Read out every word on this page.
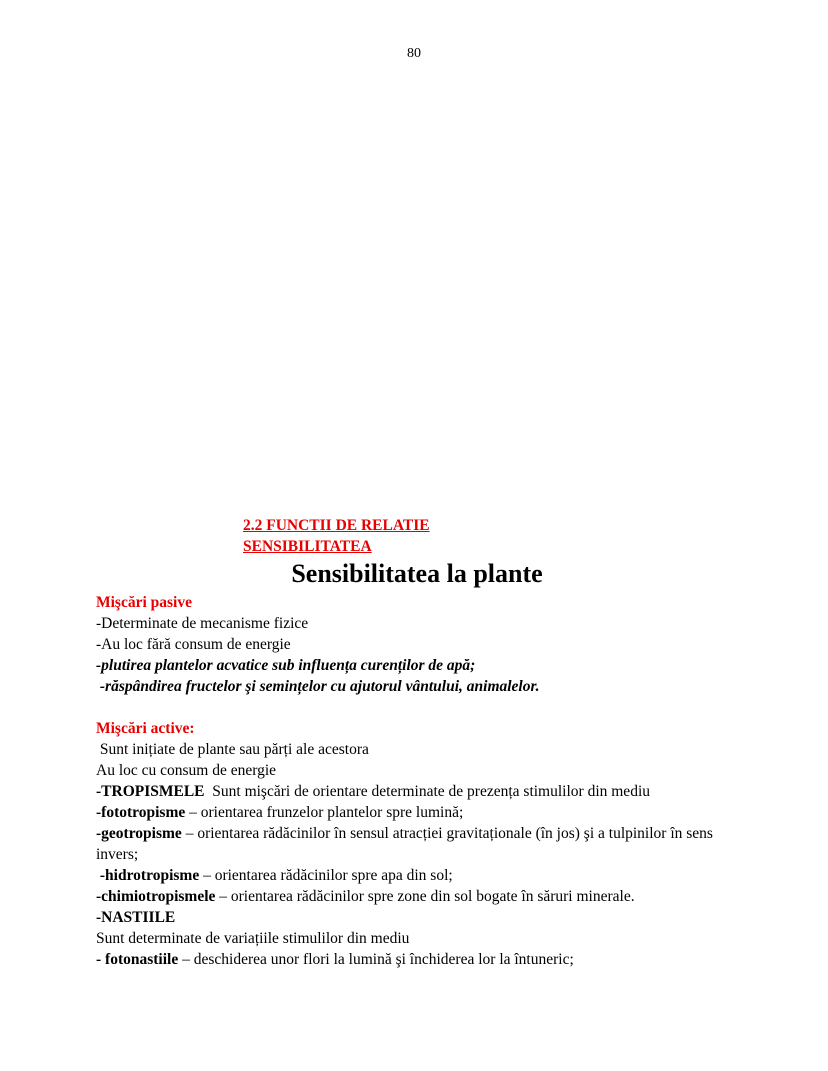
80
2.2 FUNCTII DE RELATIE
SENSIBILITATEA
Sensibilitatea la plante
Mişcări pasive
-Determinate de mecanisme fizice
-Au loc fără consum de energie
-plutirea plantelor acvatice sub influența curenților de apă;
-răspândirea fructelor şi semințelor cu ajutorul vântului, animalelor.
Mişcări active:
Sunt inițiate de plante sau părți ale acestora
Au loc cu consum de energie
-TROPISMELE  Sunt mişcări de orientare determinate de prezența stimulilor din mediu
-fototropisme – orientarea frunzelor plantelor spre lumină;
-geotropisme – orientarea rădăcinilor în sensul atracției gravitaționale (în jos) şi a tulpinilor în sens invers;
-hidrotropisme – orientarea rădăcinilor spre apa din sol;
-chimiotropismele – orientarea rădăcinilor spre zone din sol bogate în săruri minerale.
-NASTIILE
Sunt determinate de variațiile stimulilor din mediu
- fotonastiile – deschiderea unor flori la lumină şi închiderea lor la întuneric;
